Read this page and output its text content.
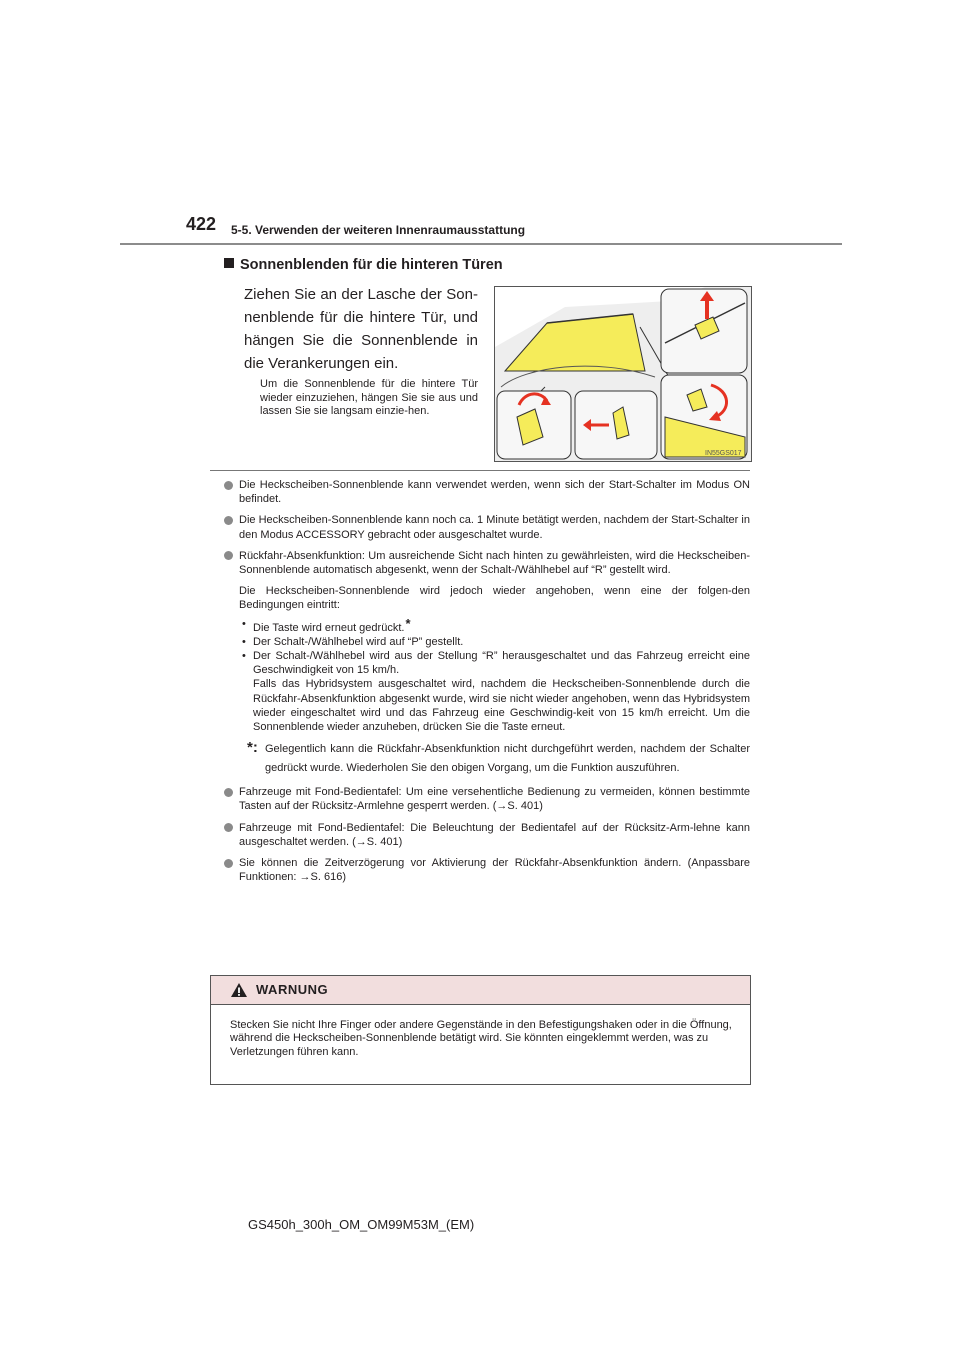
422 5-5. Verwenden der weiteren Innenraumausstattung
Sonnenblenden für die hinteren Türen
Ziehen Sie an der Lasche der Son-nenblende für die hintere Tür, und hängen Sie die Sonnenblende in die Verankerungen ein.
Um die Sonnenblende für die hintere Tür wieder einzuziehen, hängen Sie sie aus und lassen Sie sie langsam einzie-hen.
IN55GS017
Die Heckscheiben-Sonnenblende kann verwendet werden, wenn sich der Start-Schalter im Modus ON befindet.
Die Heckscheiben-Sonnenblende kann noch ca. 1 Minute betätigt werden, nachdem der Start-Schalter in den Modus ACCESSORY gebracht oder ausgeschaltet wurde.
Rückfahr-Absenkfunktion: Um ausreichende Sicht nach hinten zu gewährleisten, wird die Heckscheiben-Sonnenblende automatisch abgesenkt, wenn der Schalt-/Wählhebel auf “R” gestellt wird.
Die Heckscheiben-Sonnenblende wird jedoch wieder angehoben, wenn eine der folgen-den Bedingungen eintritt:
• Die Taste wird erneut gedrückt.*
• Der Schalt-/Wählhebel wird auf “P” gestellt.
• Der Schalt-/Wählhebel wird aus der Stellung “R” herausgeschaltet und das Fahrzeug erreicht eine Geschwindigkeit von 15 km/h.
Falls das Hybridsystem ausgeschaltet wird, nachdem die Heckscheiben-Sonnenblende durch die Rückfahr-Absenkfunktion abgesenkt wurde, wird sie nicht wieder angehoben, wenn das Hybridsystem wieder eingeschaltet wird und das Fahrzeug eine Geschwindig-keit von 15 km/h erreicht. Um die Sonnenblende wieder anzuheben, drücken Sie die Taste erneut.
*: Gelegentlich kann die Rückfahr-Absenkfunktion nicht durchgeführt werden, nachdem der Schalter gedrückt wurde. Wiederholen Sie den obigen Vorgang, um die Funktion auszuführen.
Fahrzeuge mit Fond-Bedientafel: Um eine versehentliche Bedienung zu vermeiden, können bestimmte Tasten auf der Rücksitz-Armlehne gesperrt werden. (→S. 401)
Fahrzeuge mit Fond-Bedientafel: Die Beleuchtung der Bedientafel auf der Rücksitz-Arm-lehne kann ausgeschaltet werden. (→S. 401)
Sie können die Zeitverzögerung vor Aktivierung der Rückfahr-Absenkfunktion ändern. (Anpassbare Funktionen: →S. 616)
WARNUNG
Stecken Sie nicht Ihre Finger oder andere Gegenstände in den Befestigungshaken oder in die Öffnung, während die Heckscheiben-Sonnenblende betätigt wird. Sie könnten eingeklemmt werden, was zu Verletzungen führen kann.
GS450h_300h_OM_OM99M53M_(EM)
